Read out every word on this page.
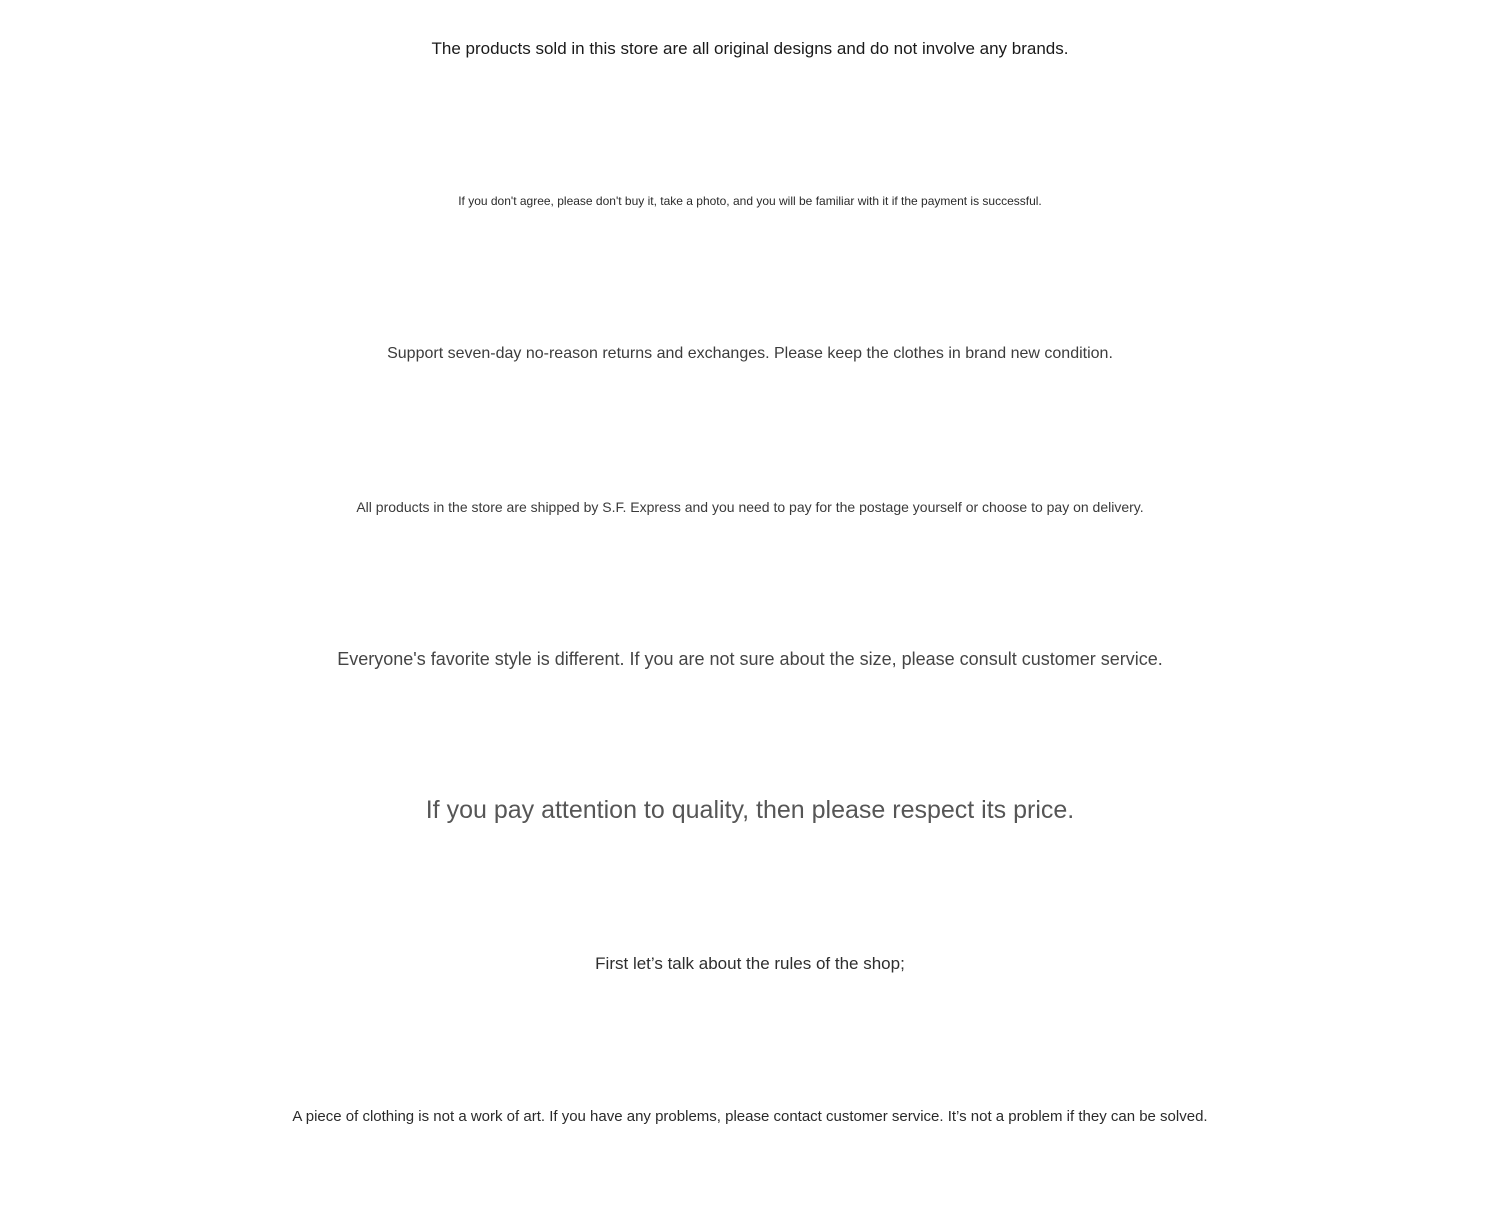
The products sold in this store are all original designs and do not involve any brands.

If you don't agree, please don't buy it, take a photo, and you will be familiar with it if the payment is successful.

Support seven-day no-reason returns and exchanges. Please keep the clothes in brand new condition.

All products in the store are shipped by S.F. Express and you need to pay for the postage yourself or choose to pay on delivery.

Everyone's favorite style is different. If you are not sure about the size, please consult customer service.

If you pay attention to quality, then please respect its price.

First let’s talk about the rules of the shop;

A piece of clothing is not a work of art. If you have any problems, please contact customer service. It’s not a problem if they can be solved.
